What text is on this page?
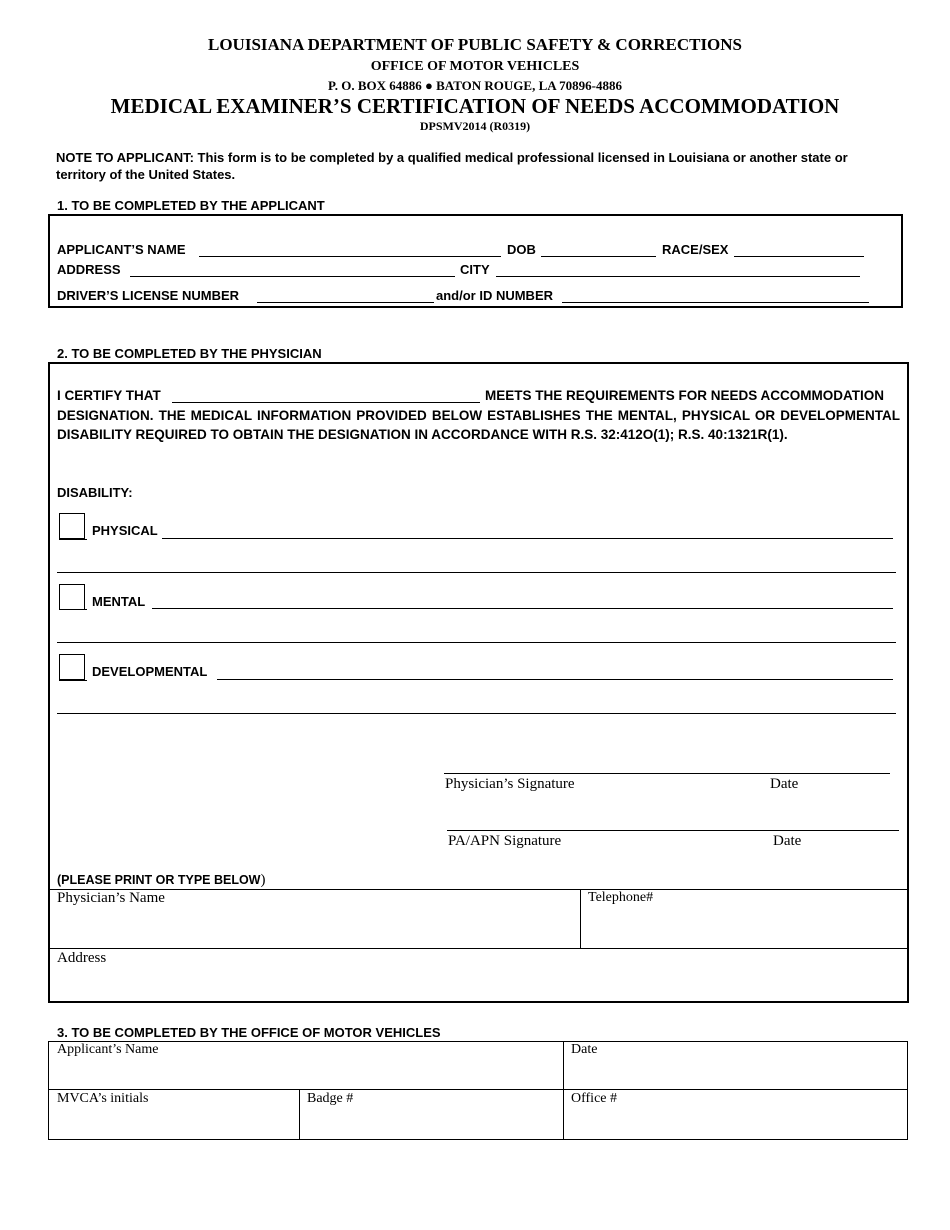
LOUISIANA DEPARTMENT OF PUBLIC SAFETY & CORRECTIONS
OFFICE OF MOTOR VEHICLES
P. O. BOX 64886 ● BATON ROUGE, LA 70896-4886
MEDICAL EXAMINER’S CERTIFICATION OF NEEDS ACCOMMODATION
DPSMV2014 (R0319)
NOTE TO APPLICANT: This form is to be completed by a qualified medical professional licensed in Louisiana or another state or territory of the United States.
1. TO BE COMPLETED BY THE APPLICANT
APPLICANT’S NAME	DOB	RACE/SEX
ADDRESS	CITY
DRIVER’S LICENSE NUMBER	and/or ID NUMBER
2. TO BE COMPLETED BY THE PHYSICIAN
I CERTIFY THAT	MEETS THE REQUIREMENTS FOR NEEDS ACCOMMODATION
DESIGNATION. THE MEDICAL INFORMATION PROVIDED BELOW ESTABLISHES THE MENTAL, PHYSICAL OR DEVELOPMENTAL DISABILITY REQUIRED TO OBTAIN THE DESIGNATION IN ACCORDANCE WITH R.S. 32:412O(1); R.S. 40:1321R(1).
DISABILITY:
PHYSICAL
MENTAL
DEVELOPMENTAL
Physician’s Signature	Date
PA/APN Signature	Date
(PLEASE PRINT OR TYPE BELOW)
Physician’s Name	Telephone#
Address
3. TO BE COMPLETED BY THE OFFICE OF MOTOR VEHICLES
Applicant’s Name	Date
MVCA’s initials	Badge #	Office #
